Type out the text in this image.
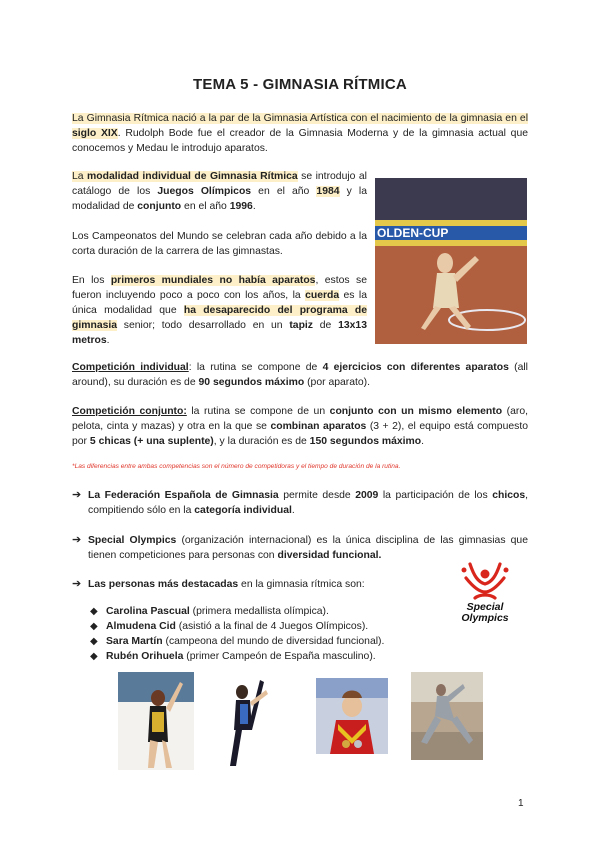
TEMA 5 - GIMNASIA RÍTMICA
La Gimnasia Rítmica nació a la par de la Gimnasia Artística con el nacimiento de la gimnasia en el siglo XIX. Rudolph Bode fue el creador de la Gimnasia Moderna y de la gimnasia actual que conocemos y Medau le introdujo aparatos.
La modalidad individual de Gimnasia Rítmica se introdujo al catálogo de los Juegos Olímpicos en el año 1984 y la modalidad de conjunto en el año 1996.
Los Campeonatos del Mundo se celebran cada año debido a la corta duración de la carrera de las gimnastas.
En los primeros mundiales no había aparatos, estos se fueron incluyendo poco a poco con los años, la cuerda es la única modalidad que ha desaparecido del programa de gimnasia senior; todo desarrollado en un tapiz de 13x13 metros.
OLDEN-CUP
Competición individual: la rutina se compone de 4 ejercicios con diferentes aparatos (all around), su duración es de 90 segundos máximo (por aparato).
Competición conjunto: la rutina se compone de un conjunto con un mismo elemento (aro, pelota, cinta y mazas) y otra en la que se combinan aparatos (3 + 2), el equipo está compuesto por 5 chicas (+ una suplente), y la duración es de 150 segundos máximo.
*Las diferencias entre ambas competencias son el número de competidoras y el tiempo de duración de la rutina.
➔ La Federación Española de Gimnasia permite desde 2009 la participación de los chicos, compitiendo sólo en la categoría individual.
➔ Special Olympics (organización internacional) es la única disciplina de las gimnasias que tienen competiciones para personas con diversidad funcional.
➔ Las personas más destacadas en la gimnasia rítmica son:
◆ Carolina Pascual (primera medallista olímpica).
◆ Almudena Cid (asistió a la final de 4 Juegos Olímpicos).
◆ Sara Martín (campeona del mundo de diversidad funcional).
◆ Rubén Orihuela (primer Campeón de España masculino).
Special
Olympics
1
